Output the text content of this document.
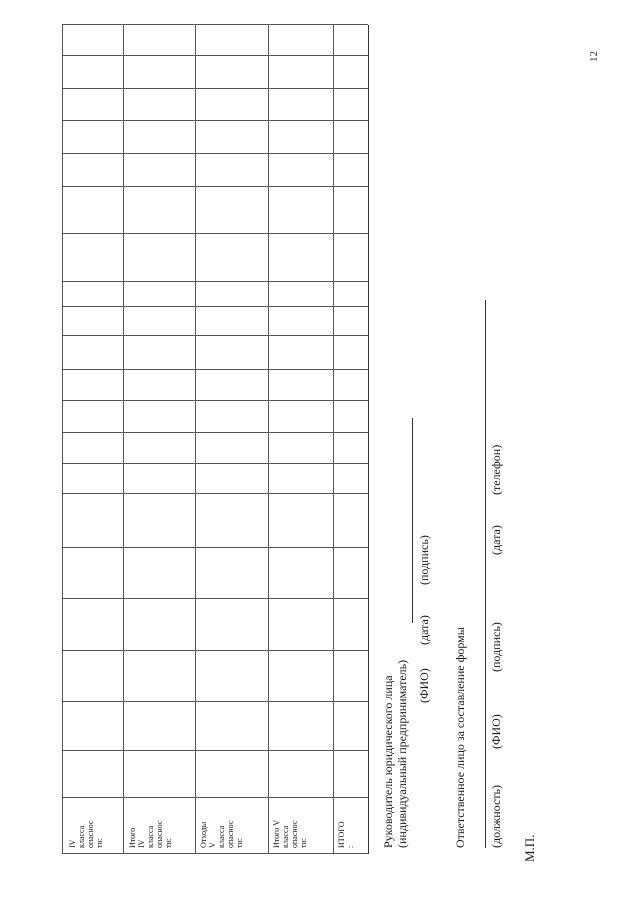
12
IV класса опаснос ти:	Итого IV класса опаснос ти:	Отходы V класса опаснос ти:	Итого V класса опаснос ти:	ИТОГО : Руководитель юридического лица (индивидуальный предприниматель) (ФИО)
(дата)
(подпись)
Ответственное лицо за составление формы (должность)
(ФИО)
(подпись)
(дата)
(телефон)
М.П.
